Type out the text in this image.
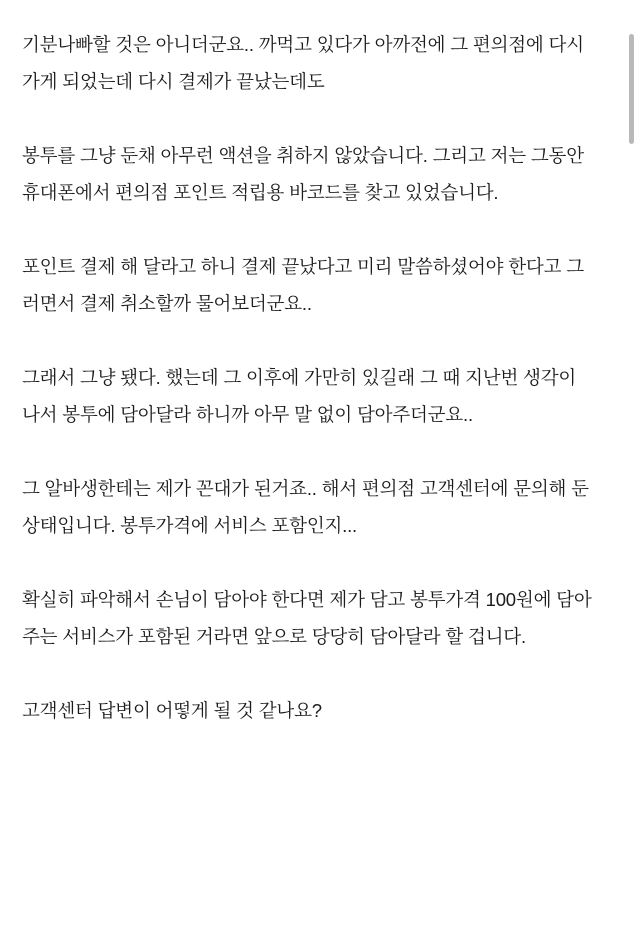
기분나빠할 것은 아니더군요.. 까먹고 있다가 아까전에 그 편의점에 다시 가게 되었는데 다시 결제가 끝났는데도

봉투를 그냥 둔채 아무런 액션을 취하지 않았습니다. 그리고 저는 그동안 휴대폰에서 편의점 포인트 적립용 바코드를 찾고 있었습니다.

포인트 결제 해 달라고 하니 결제 끝났다고 미리 말씀하셨어야 한다고 그러면서 결제 취소할까 물어보더군요..

그래서 그냥 됐다. 했는데 그 이후에 가만히 있길래 그 때 지난번 생각이 나서 봉투에 담아달라 하니까 아무 말 없이 담아주더군요..

그 알바생한테는 제가 꼰대가 된거죠.. 해서 편의점 고객센터에 문의해 둔 상태입니다. 봉투가격에 서비스 포함인지...

확실히 파악해서 손님이 담아야 한다면 제가 담고 봉투가격 100원에 담아주는 서비스가 포함된 거라면 앞으로 당당히 담아달라 할 겁니다.

고객센터 답변이 어떻게 될 것 같나요?
